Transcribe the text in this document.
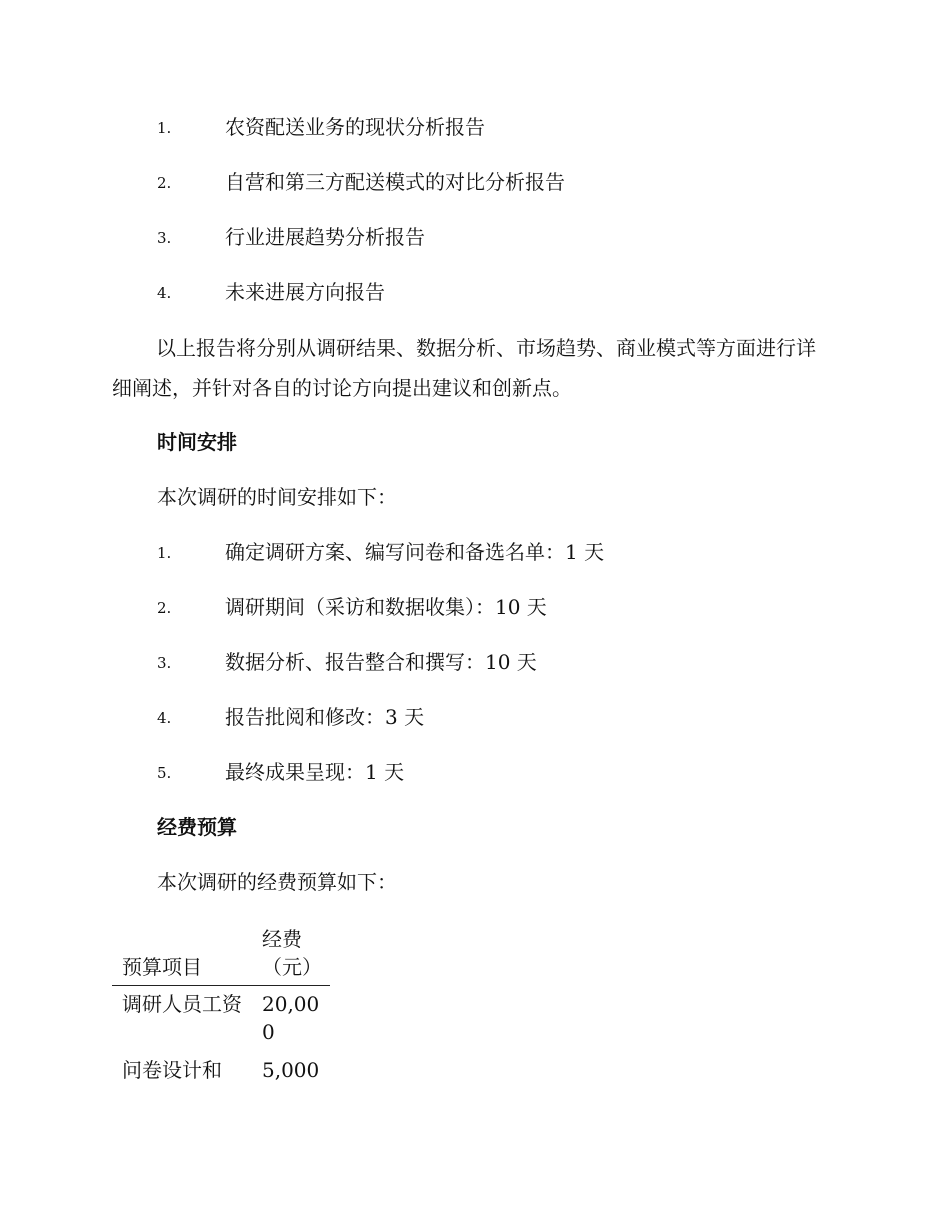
1.	农资配送业务的现状分析报告
2.	自营和第三方配送模式的对比分析报告
3.	行业进展趋势分析报告
4.	未来进展方向报告

以上报告将分别从调研结果、数据分析、市场趋势、商业模式等方面进行详细阐述，并针对各自的讨论方向提出建议和创新点。

时间安排

本次调研的时间安排如下：

1.	确定调研方案、编写问卷和备选名单：1 天
2.	调研期间（采访和数据收集）：10 天
3.	数据分析、报告整合和撰写：10 天
4.	报告批阅和修改：3 天
5.	最终成果呈现：1 天
经费预算

本次调研的经费预算如下：

预算项目	经费（元）

调研人员工资	20,000

问卷设计和	5,000
